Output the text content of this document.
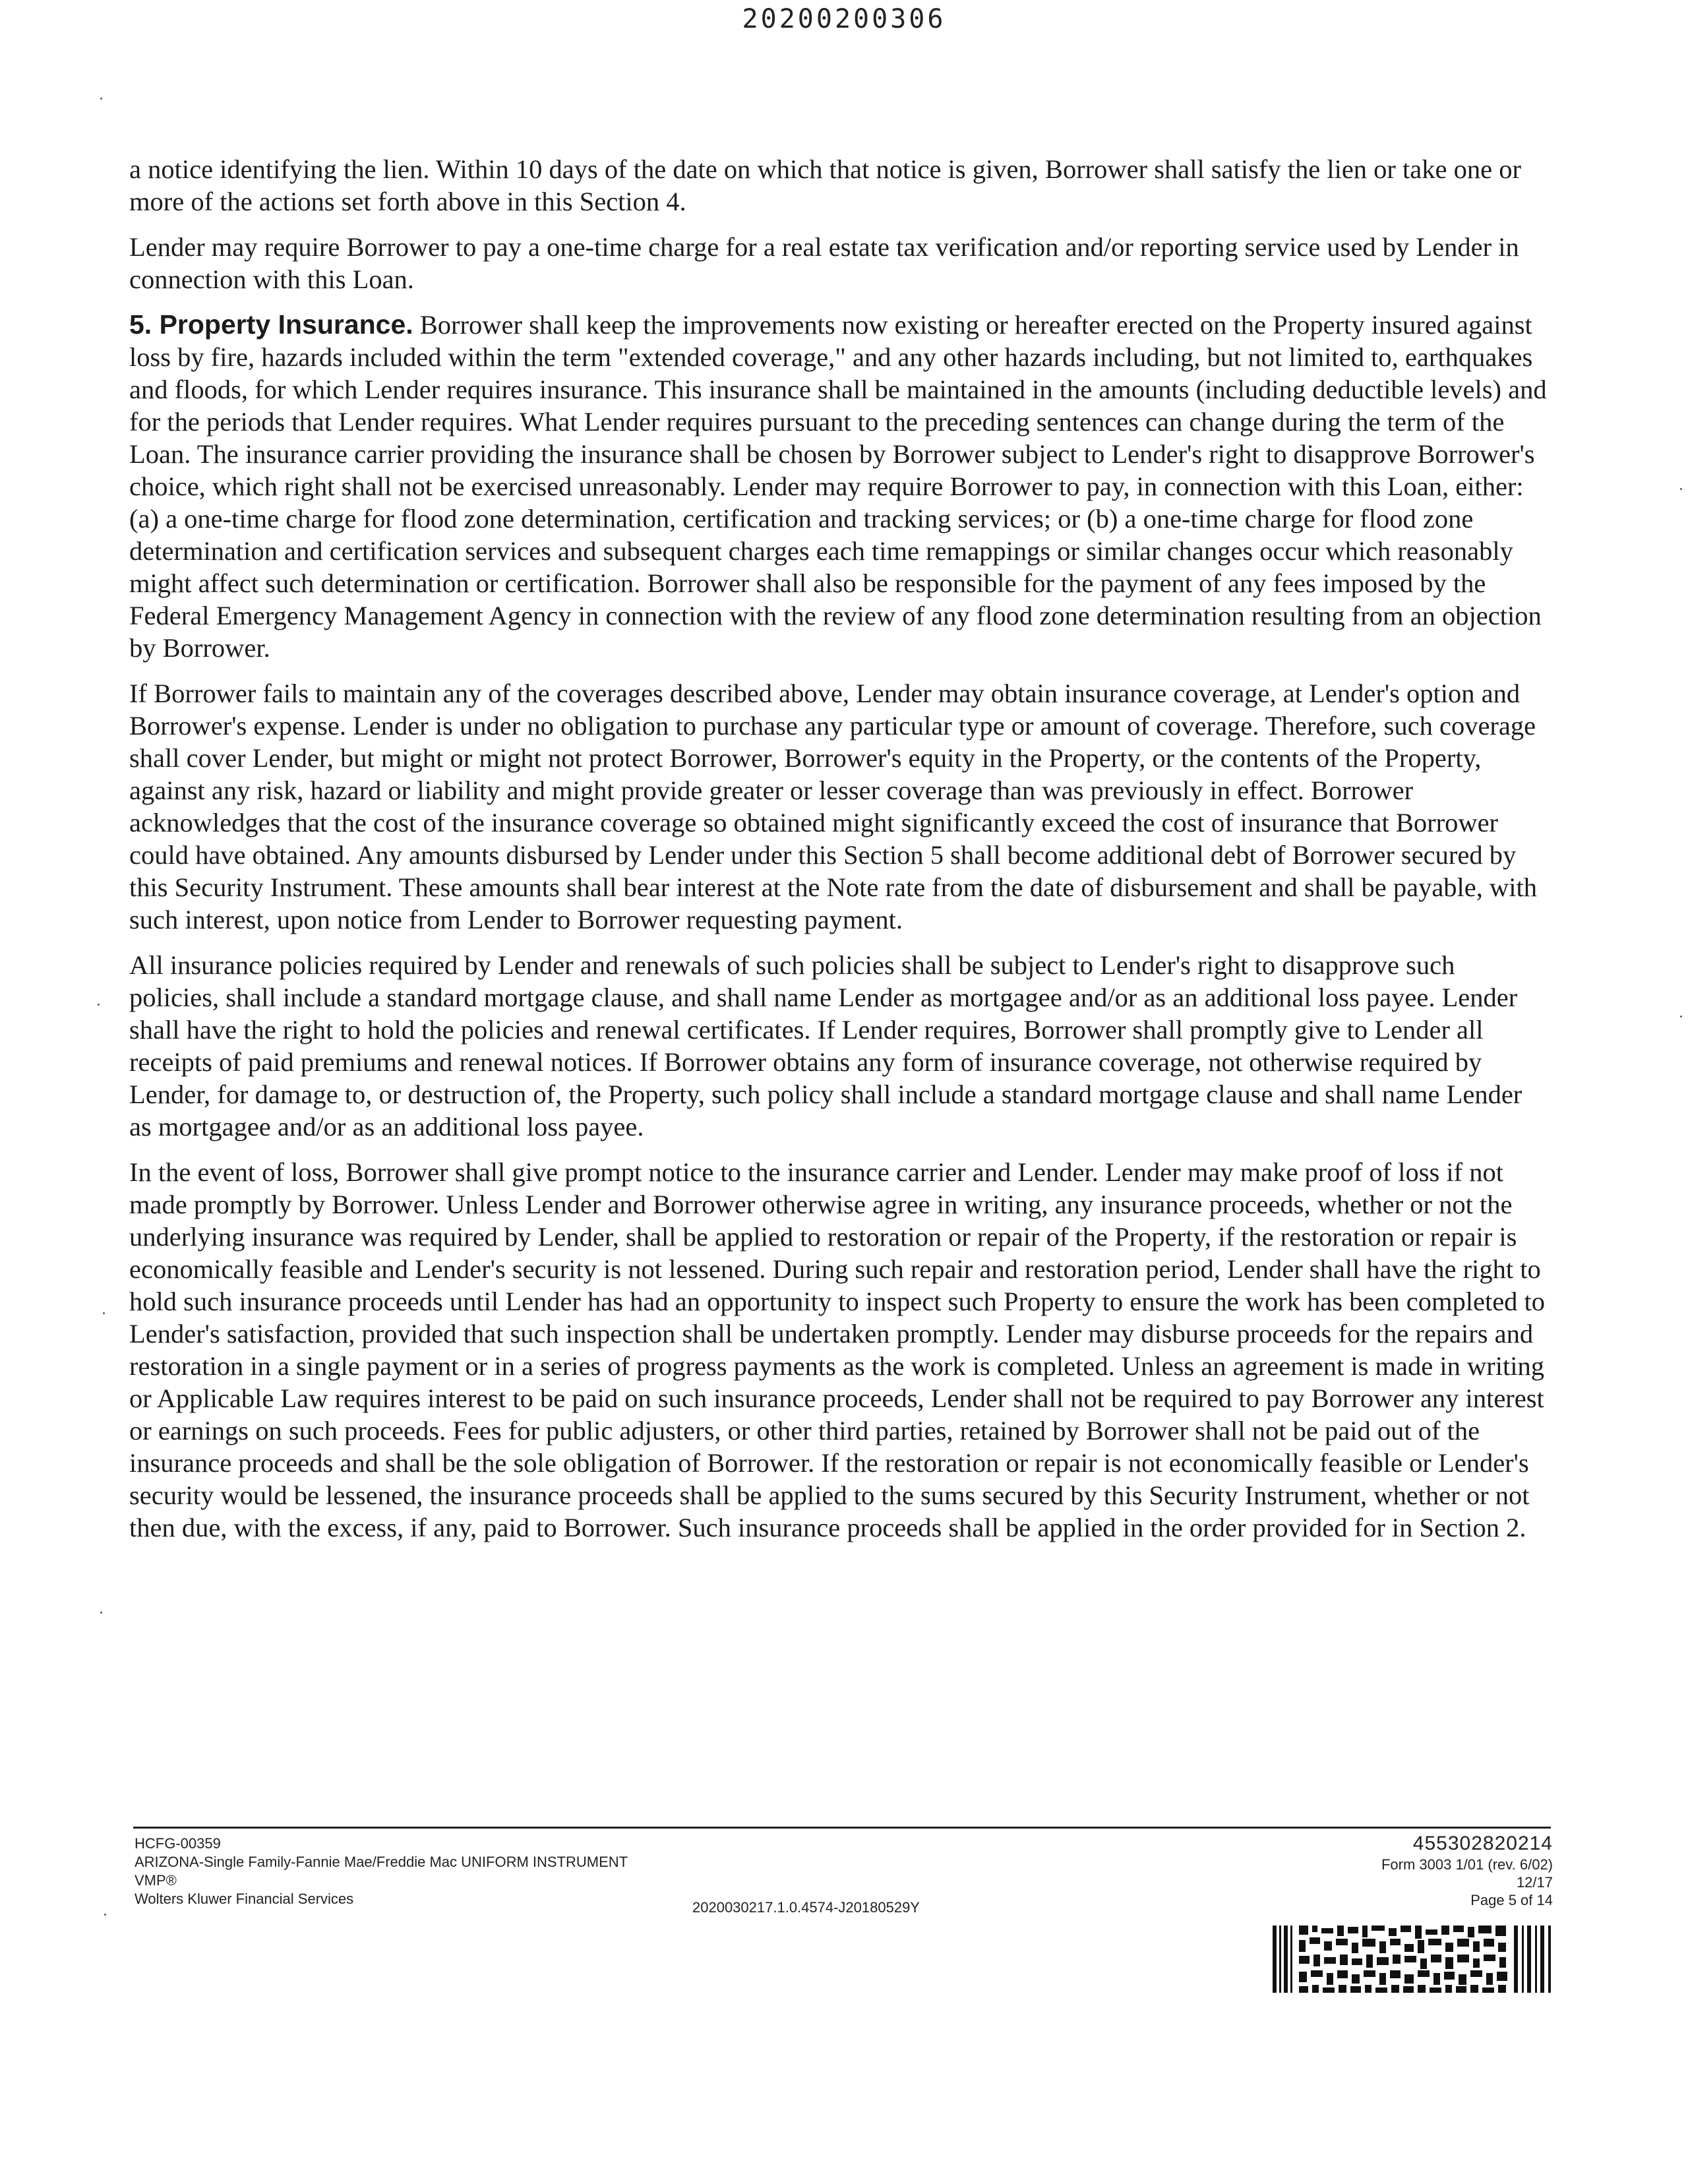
20200200306

a notice identifying the lien. Within 10 days of the date on which that notice is given, Borrower shall satisfy the lien or take one or more of the actions set forth above in this Section 4.

Lender may require Borrower to pay a one-time charge for a real estate tax verification and/or reporting service used by Lender in connection with this Loan.

5. Property Insurance. Borrower shall keep the improvements now existing or hereafter erected on the Property insured against loss by fire, hazards included within the term "extended coverage," and any other hazards including, but not limited to, earthquakes and floods, for which Lender requires insurance. This insurance shall be maintained in the amounts (including deductible levels) and for the periods that Lender requires. What Lender requires pursuant to the preceding sentences can change during the term of the Loan. The insurance carrier providing the insurance shall be chosen by Borrower subject to Lender's right to disapprove Borrower's choice, which right shall not be exercised unreasonably. Lender may require Borrower to pay, in connection with this Loan, either: (a) a one-time charge for flood zone determination, certification and tracking services; or (b) a one-time charge for flood zone determination and certification services and subsequent charges each time remappings or similar changes occur which reasonably might affect such determination or certification. Borrower shall also be responsible for the payment of any fees imposed by the Federal Emergency Management Agency in connection with the review of any flood zone determination resulting from an objection by Borrower.

If Borrower fails to maintain any of the coverages described above, Lender may obtain insurance coverage, at Lender's option and Borrower's expense. Lender is under no obligation to purchase any particular type or amount of coverage. Therefore, such coverage shall cover Lender, but might or might not protect Borrower, Borrower's equity in the Property, or the contents of the Property, against any risk, hazard or liability and might provide greater or lesser coverage than was previously in effect. Borrower acknowledges that the cost of the insurance coverage so obtained might significantly exceed the cost of insurance that Borrower could have obtained. Any amounts disbursed by Lender under this Section 5 shall become additional debt of Borrower secured by this Security Instrument. These amounts shall bear interest at the Note rate from the date of disbursement and shall be payable, with such interest, upon notice from Lender to Borrower requesting payment.

All insurance policies required by Lender and renewals of such policies shall be subject to Lender's right to disapprove such policies, shall include a standard mortgage clause, and shall name Lender as mortgagee and/or as an additional loss payee. Lender shall have the right to hold the policies and renewal certificates. If Lender requires, Borrower shall promptly give to Lender all receipts of paid premiums and renewal notices. If Borrower obtains any form of insurance coverage, not otherwise required by Lender, for damage to, or destruction of, the Property, such policy shall include a standard mortgage clause and shall name Lender as mortgagee and/or as an additional loss payee.

In the event of loss, Borrower shall give prompt notice to the insurance carrier and Lender. Lender may make proof of loss if not made promptly by Borrower. Unless Lender and Borrower otherwise agree in writing, any insurance proceeds, whether or not the underlying insurance was required by Lender, shall be applied to restoration or repair of the Property, if the restoration or repair is economically feasible and Lender's security is not lessened. During such repair and restoration period, Lender shall have the right to hold such insurance proceeds until Lender has had an opportunity to inspect such Property to ensure the work has been completed to Lender's satisfaction, provided that such inspection shall be undertaken promptly. Lender may disburse proceeds for the repairs and restoration in a single payment or in a series of progress payments as the work is completed. Unless an agreement is made in writing or Applicable Law requires interest to be paid on such insurance proceeds, Lender shall not be required to pay Borrower any interest or earnings on such proceeds. Fees for public adjusters, or other third parties, retained by Borrower shall not be paid out of the insurance proceeds and shall be the sole obligation of Borrower. If the restoration or repair is not economically feasible or Lender's security would be lessened, the insurance proceeds shall be applied to the sums secured by this Security Instrument, whether or not then due, with the excess, if any, paid to Borrower. Such insurance proceeds shall be applied in the order provided for in Section 2.

HCFG-00359
ARIZONA-Single Family-Fannie Mae/Freddie Mac UNIFORM INSTRUMENT
VMP®
Wolters Kluwer Financial Services
2020030217.1.0.4574-J20180529Y
455302820214
Form 3003 1/01 (rev. 6/02)
12/17
Page 5 of 14
